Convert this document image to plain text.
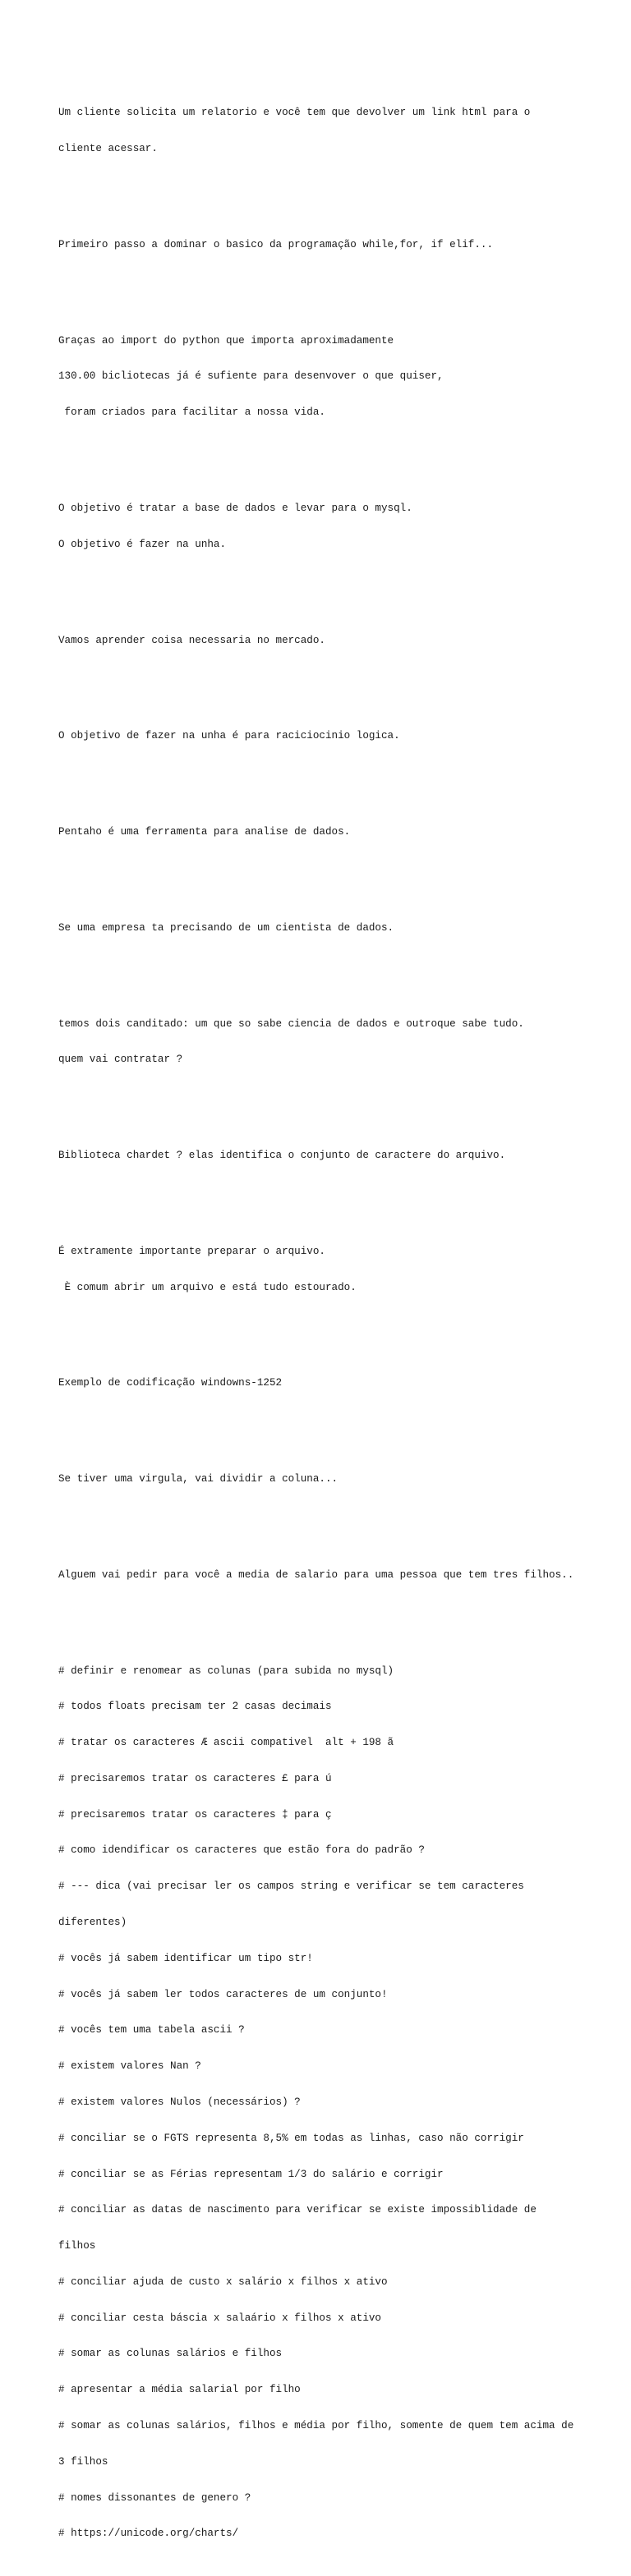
Um cliente solicita um relatorio e você tem que devolver um link html para o

cliente acessar.

Primeiro passo a dominar o basico da programação while,for, if elif...

Graças ao import do python que importa aproximadamente

130.00 bicliotecas já é sufiente para desenvover o que quiser,

foram criados para facilitar a nossa vida.

O objetivo é tratar a base de dados e levar para o mysql.

O objetivo é fazer na unha.

Vamos aprender coisa necessaria no mercado.

O objetivo de fazer na unha é para raciciocinio logica.

Pentaho é uma ferramenta para analise de dados.

Se uma empresa ta precisando de um cientista de dados.

temos dois canditado: um que so sabe ciencia de dados e outroque sabe tudo.

quem vai contratar ?

Biblioteca chardet ? elas identifica o conjunto de caractere do arquivo.

É extramente importante preparar o arquivo.

È comum abrir um arquivo e está tudo estourado.

Exemplo de codificação windowns-1252

Se tiver uma virgula, vai dividir a coluna...

Alguem vai pedir para você a media de salario para uma pessoa que tem tres filhos..

# definir e renomear as colunas (para subida no mysql)

# todos floats precisam ter 2 casas decimais

# tratar os caracteres Æ ascii compativel  alt + 198 ã

# precisaremos tratar os caracteres £ para ú

# precisaremos tratar os caracteres ‡ para ç

# como idendificar os caracteres que estão fora do padrão ?

# --- dica (vai precisar ler os campos string e verificar se tem caracteres

diferentes)

# vocês já sabem identificar um tipo str!

# vocês já sabem ler todos caracteres de um conjunto!

# vocês tem uma tabela ascii ?

# existem valores Nan ?

# existem valores Nulos (necessários) ?

# conciliar se o FGTS representa 8,5% em todas as linhas, caso não corrigir

# conciliar se as Férias representam 1/3 do salário e corrigir

# conciliar as datas de nascimento para verificar se existe impossiblidade de

filhos

# conciliar ajuda de custo x salário x filhos x ativo

# conciliar cesta báscia x salaário x filhos x ativo

# somar as colunas salários e filhos

# apresentar a média salarial por filho

# somar as colunas salários, filhos e média por filho, somente de quem tem acima de

3 filhos

# nomes dissonantes de genero ?

# https://unicode.org/charts/
